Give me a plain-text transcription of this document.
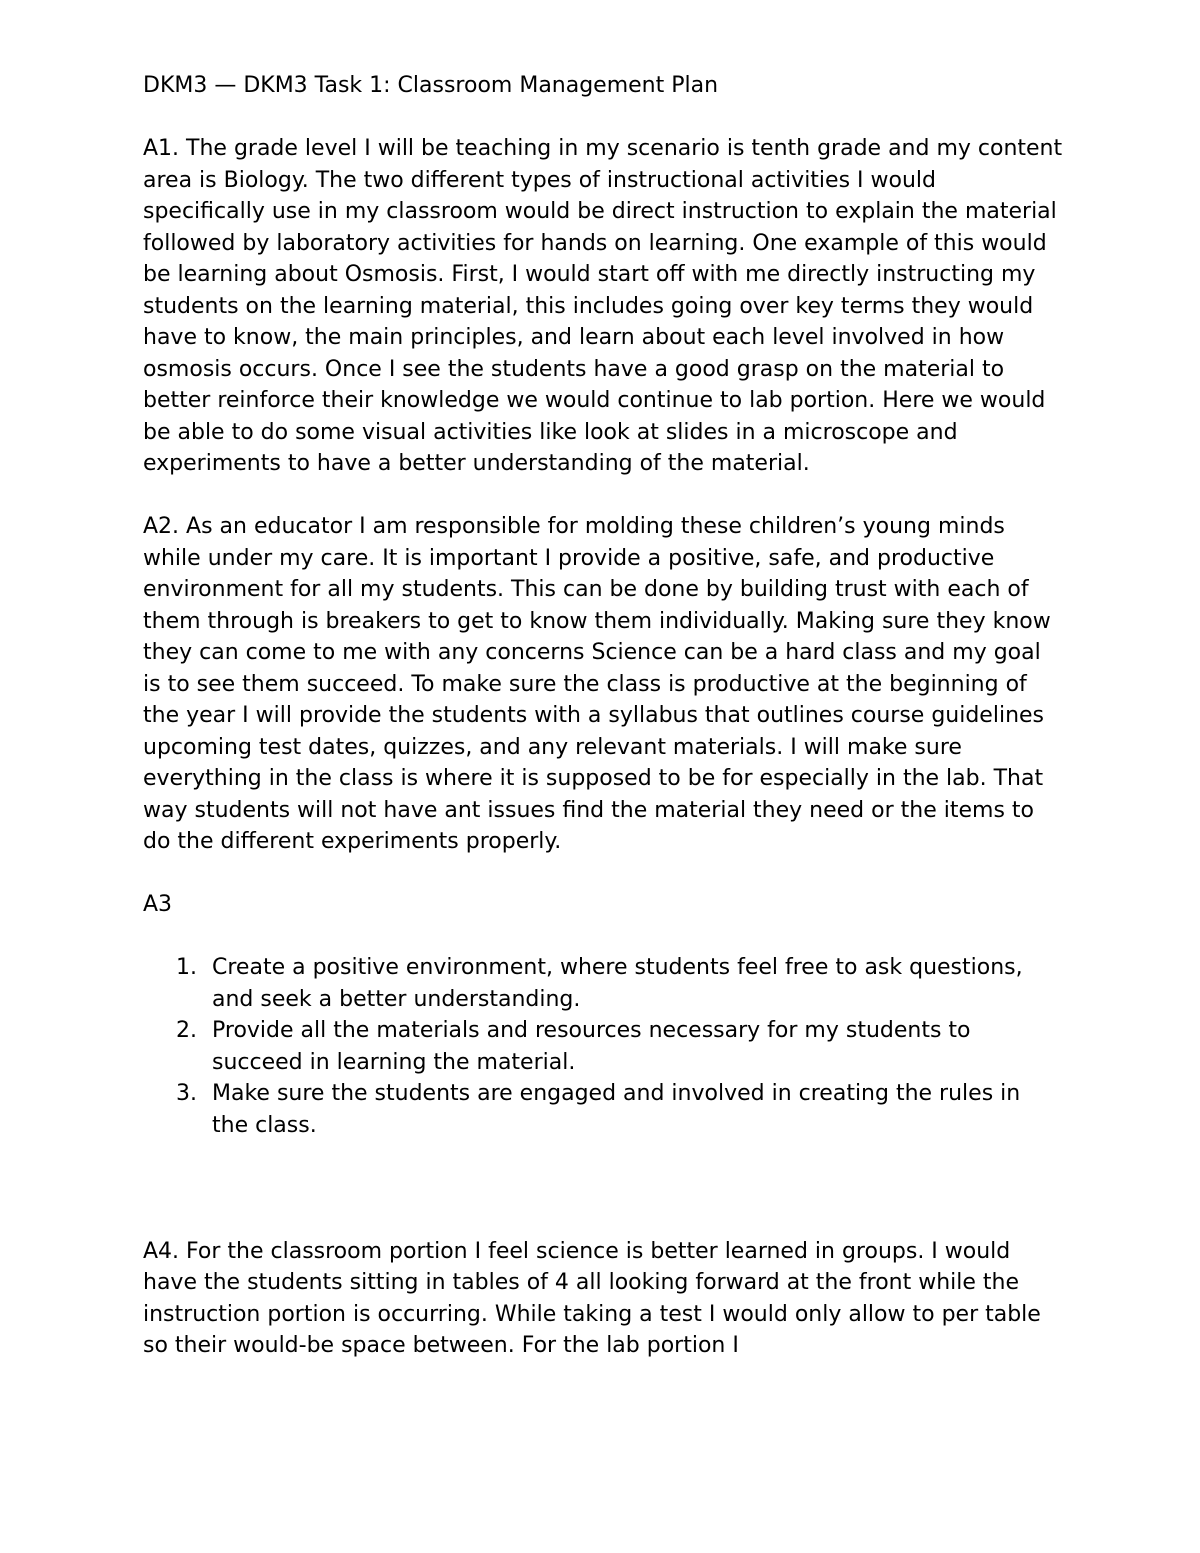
DKM3 — DKM3 Task 1: Classroom Management Plan

A1. The grade level I will be teaching in my scenario is tenth grade and my content area is Biology. The two different types of instructional activities I would specifically use in my classroom would be direct instruction to explain the material followed by laboratory activities for hands on learning. One example of this would be learning about Osmosis. First, I would start off with me directly instructing my students on the learning material, this includes going over key terms they would have to know, the main principles, and learn about each level involved in how osmosis occurs. Once I see the students have a good grasp on the material to better reinforce their knowledge we would continue to lab portion. Here we would be able to do some visual activities like look at slides in a microscope and experiments to have a better understanding of the material.

A2. As an educator I am responsible for molding these children’s young minds while under my care. It is important I provide a positive, safe, and productive environment for all my students. This can be done by building trust with each of them through is breakers to get to know them individually. Making sure they know they can come to me with any concerns Science can be a hard class and my goal is to see them succeed. To make sure the class is productive at the beginning of the year I will provide the students with a syllabus that outlines course guidelines upcoming test dates, quizzes, and any relevant materials. I will make sure everything in the class is where it is supposed to be for especially in the lab. That way students will not have ant issues find the material they need or the items to do the different experiments properly.

A3
1. Create a positive environment, where students feel free to ask questions, and seek a better understanding.
2. Provide all the materials and resources necessary for my students to succeed in learning the material.
3. Make sure the students are engaged and involved in creating the rules in the class.

A4. For the classroom portion I feel science is better learned in groups. I would have the students sitting in tables of 4 all looking forward at the front while the instruction portion is occurring. While taking a test I would only allow to per table so their would-be space between. For the lab portion I
